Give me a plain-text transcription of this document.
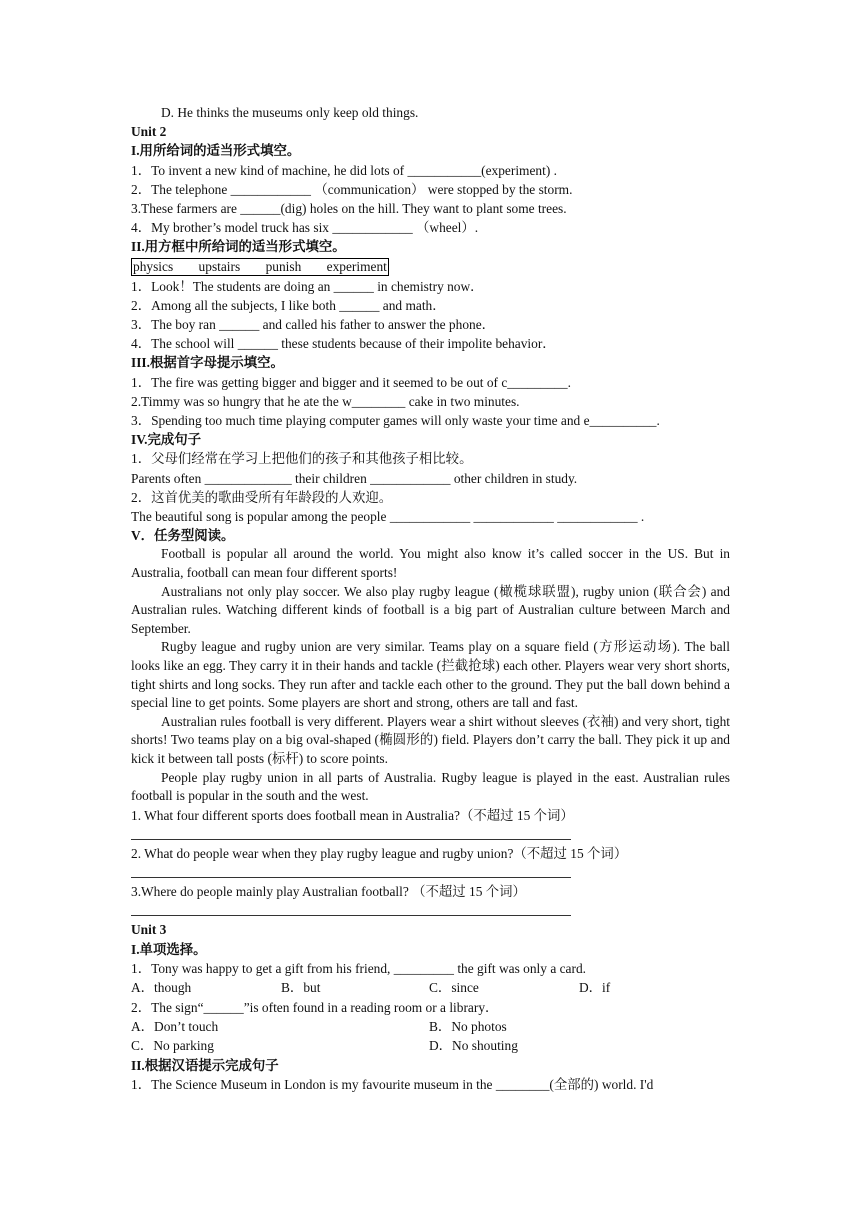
D. He thinks the museums only keep old things.
Unit 2
I.用所给词的适当形式填空。
1．To invent a new kind of machine, he did lots of ___________(experiment) .
2．The telephone ____________ （communication） were stopped by the storm.
3.These farmers are ______(dig) holes on the hill. They want to plant some trees.
4．My brother’s model truck has six ____________ （wheel）.
II.用方框中所给词的适当形式填空。
physics upstairs punish experiment
1．Look！The students are doing an ______ in chemistry now．
2．Among all the subjects, I like both ______ and math．
3．The boy ran ______ and called his father to answer the phone．
4．The school will ______ these students because of their impolite behavior．
III.根据首字母提示填空。
1．The fire was getting bigger and bigger and it seemed to be out of c_________.
2.Timmy was so hungry that he ate the w________ cake in two minutes.
3．Spending too much time playing computer games will only waste your time and e__________.
IV.完成句子
1．父母们经常在学习上把他们的孩子和其他孩子相比较。
Parents often _____________ their children ____________ other children in study.
2．这首优美的歌曲受所有年龄段的人欢迎。
The beautiful song is popular among the people ____________ ____________ ____________ .
V．任务型阅读。
Football is popular all around the world. You might also know it’s called soccer in the US. But in Australia, football can mean four different sports!
Australians not only play soccer. We also play rugby league (橄榄球联盟), rugby union (联合会) and Australian rules. Watching different kinds of football is a big part of Australian culture between March and September.
Rugby league and rugby union are very similar. Teams play on a square field (方形运动场). The ball looks like an egg. They carry it in their hands and tackle (拦截抢球) each other. Players wear very short shorts, tight shirts and long socks. They run after and tackle each other to the ground. They put the ball down behind a special line to get points. Some players are short and strong, others are tall and fast.
Australian rules football is very different. Players wear a shirt without sleeves (衣袖) and very short, tight shorts! Two teams play on a big oval-shaped (椭圆形的) field. Players don’t carry the ball. They pick it up and kick it between tall posts (标杆) to score points.
People play rugby union in all parts of Australia. Rugby league is played in the east. Australian rules football is popular in the south and the west.
1. What four different sports does football mean in Australia?（不超过 15 个词）
2. What do people wear when they play rugby league and rugby union?（不超过 15 个词）
3.Where do people mainly play Australian football? （不超过 15 个词）
Unit 3
I.单项选择。
1．Tony was happy to get a gift from his friend, _________ the gift was only a card.
A．though	B．but	C．since	D．if
2．The sign“______”is often found in a reading room or a library．
A．Don’t touch	B．No photos
C．No parking	D．No shouting
II.根据汉语提示完成句子
1．The Science Museum in London is my favourite museum in the ________(全部的) world. I'd
